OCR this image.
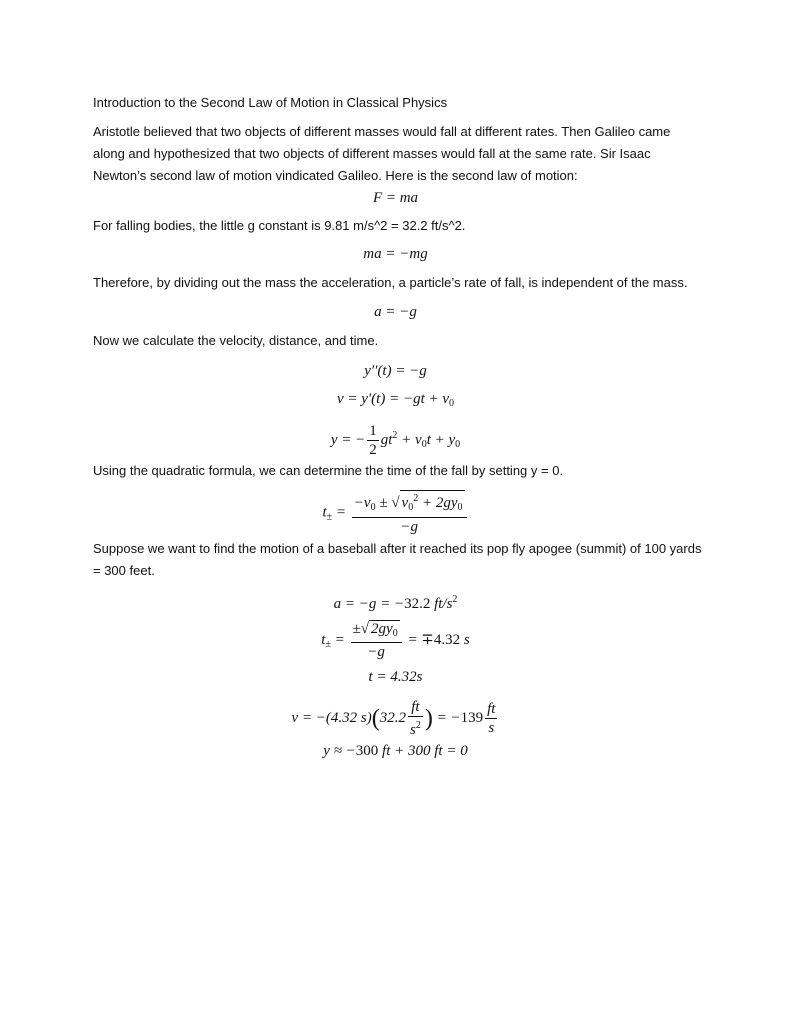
Introduction to the Second Law of Motion in Classical Physics

Aristotle believed that two objects of different masses would fall at different rates. Then Galileo came along and hypothesized that two objects of different masses would fall at the same rate. Sir Isaac Newton’s second law of motion vindicated Galileo. Here is the second law of motion:

F = ma

For falling bodies, the little g constant is 9.81 m/s^2 = 32.2 ft/s^2.

ma = −mg

Therefore, by dividing out the mass the acceleration, a particle’s rate of fall, is independent of the mass.

a = −g

Now we calculate the velocity, distance, and time.

y′′(t) = −g
$v = y'(t) = -gt + v_0$
y = − $\frac{1}{2} gt^2 + v_0t + y_0$

Using the quadratic formula, we can determine the time of the fall by setting y = 0.

$t_\pm = \frac{-v_0 \pm √ v_0^2 + 2gy_0}{-g}$

Suppose we want to find the motion of a baseball after it reached its pop fly apogee (summit) of 100 yards = 300 feet.

a = −g = −32.2 $ft/s^2$
$t_\pm = \frac{\pm√ 2gy_0}{-g} = \mp 4.32$ s
t = 4.32s
v = −(4.32 $s)(32.2 \frac{ft}{s^2}$ ) = $-139 \frac{ft}{s}$
y ≈ −300 ft + 300 ft = 0
